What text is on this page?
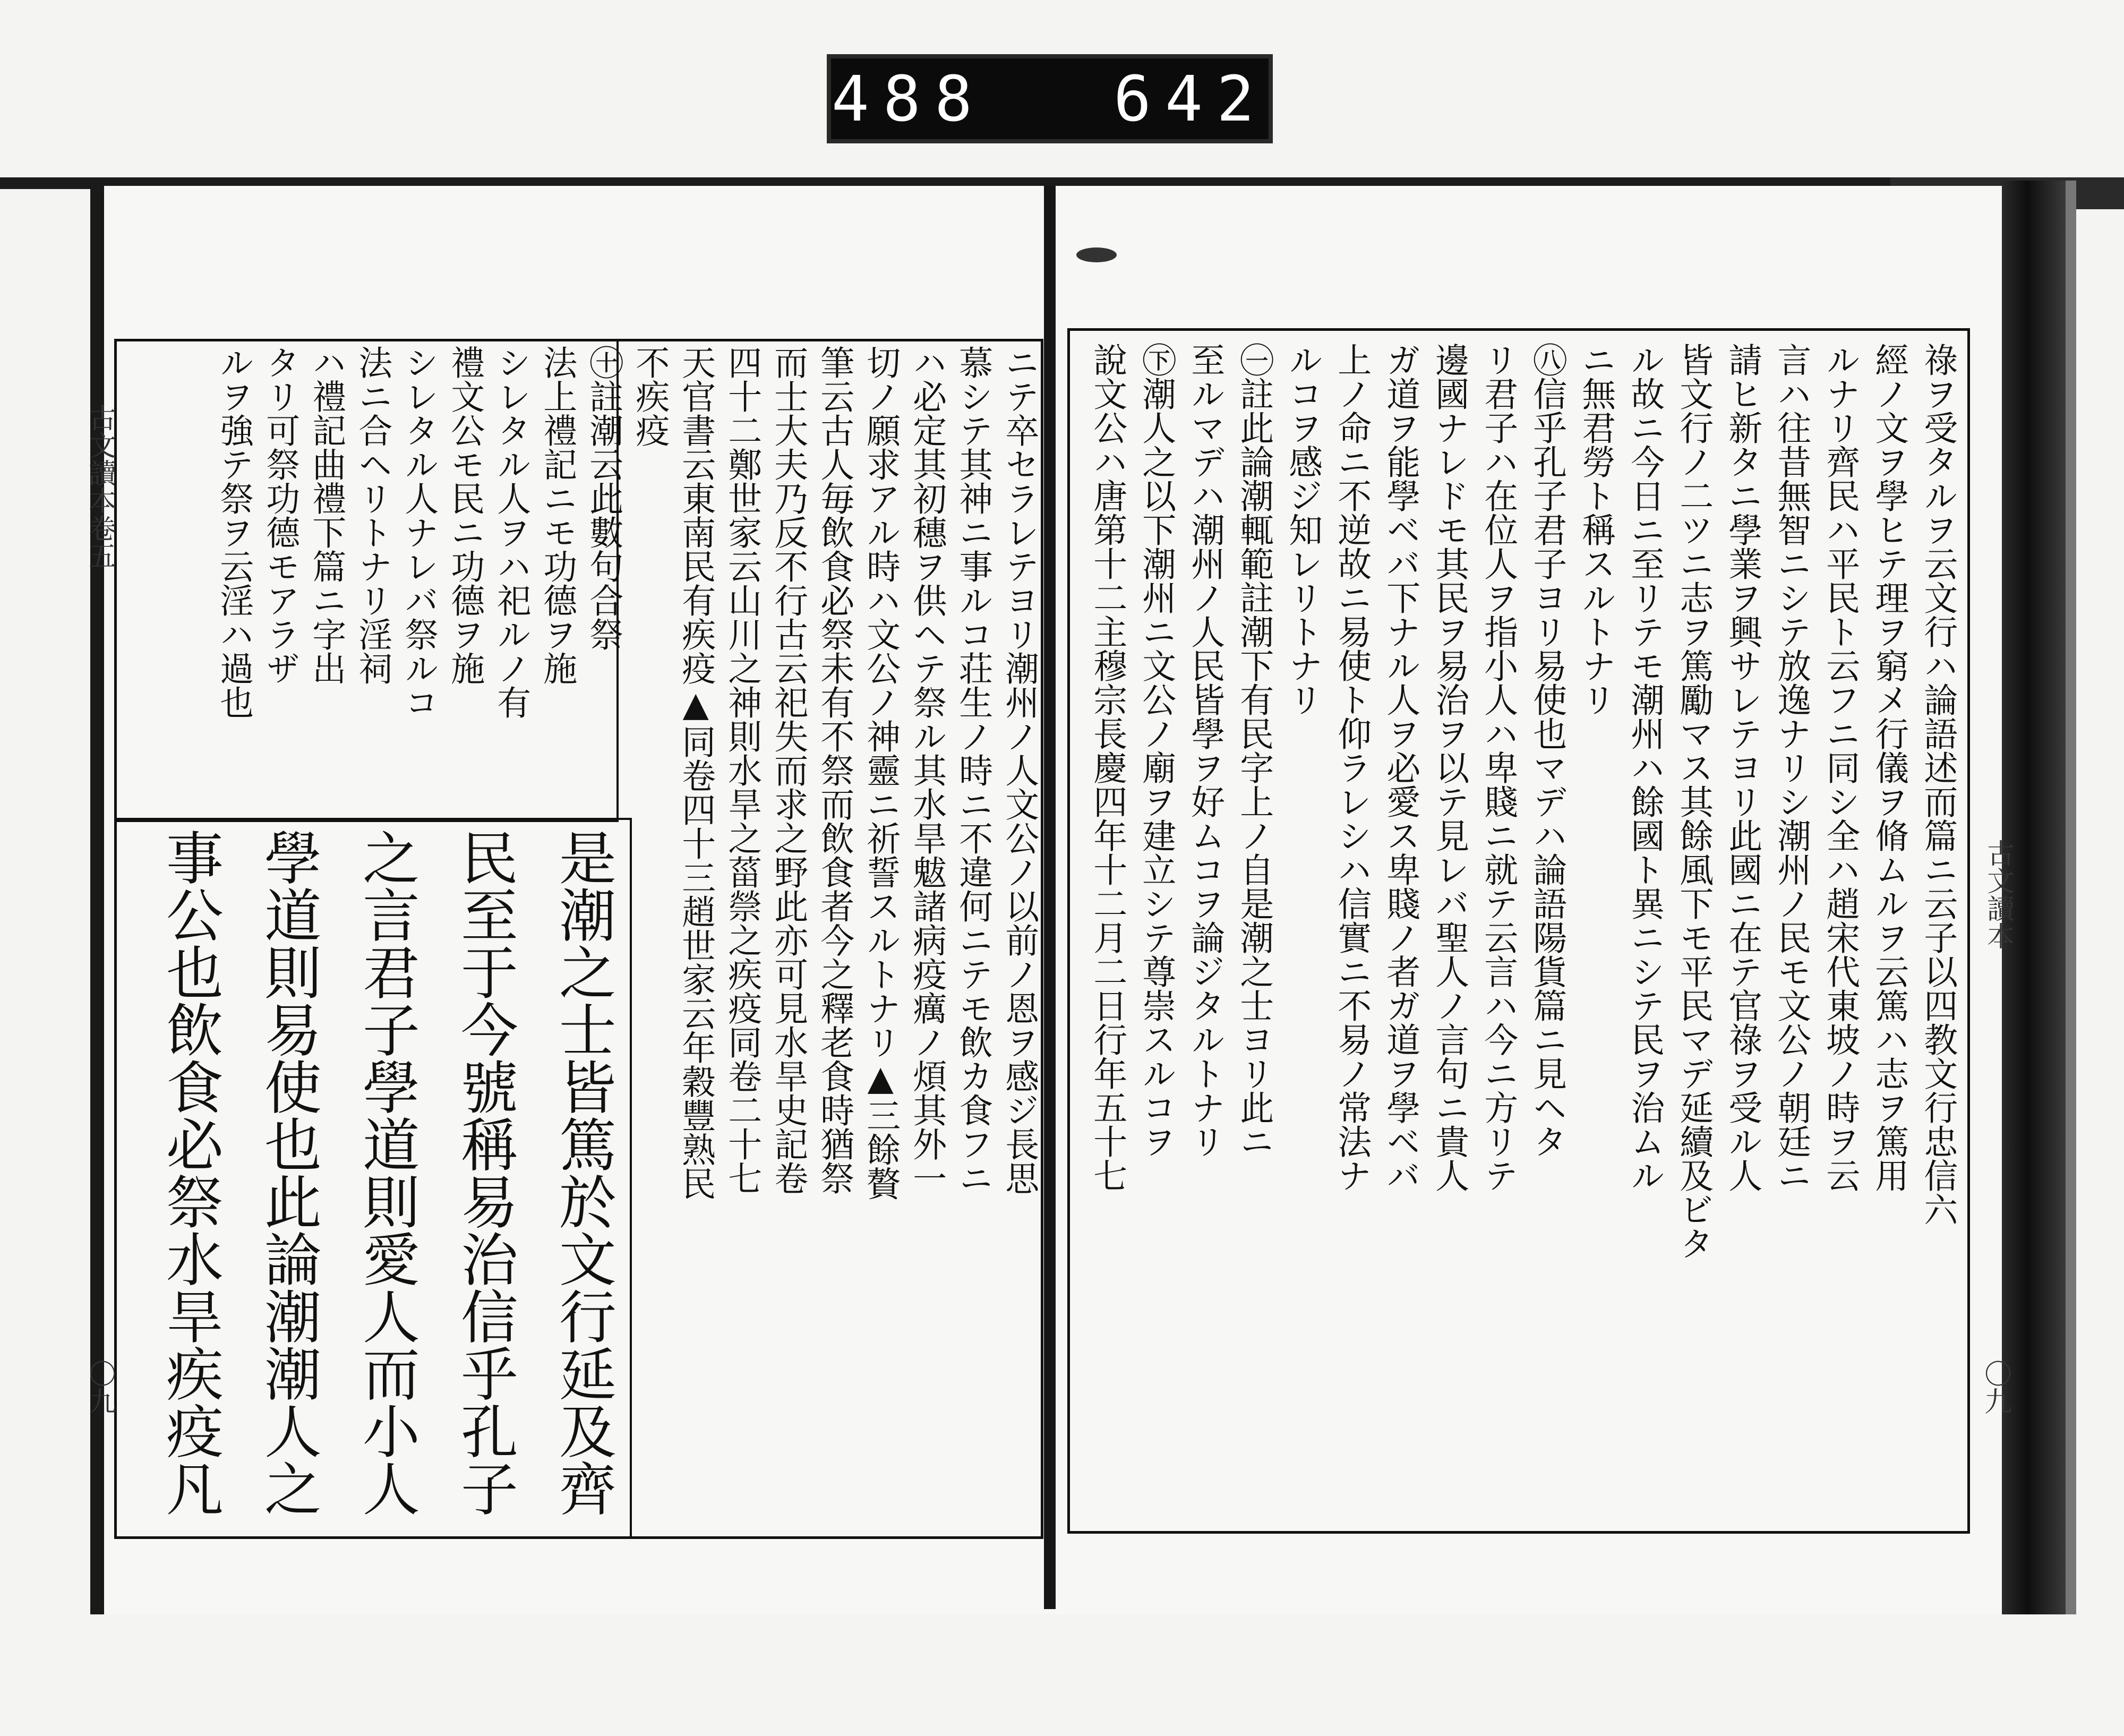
488 642
古文讀本
〇九
祿ヲ受タルヲ云文行ハ論語述而篇ニ云子以四教文行忠信六
經ノ文ヲ學ヒテ理ヲ窮メ行儀ヲ脩ムルヲ云篤ハ志ヲ篤用
ルナリ齊民ハ平民ト云フニ同シ全ハ趙宋代東坡ノ時ヲ云
言ハ往昔無智ニシテ放逸ナリシ潮州ノ民モ文公ノ朝廷ニ
請ヒ新タニ學業ヲ興サレテヨリ此國ニ在テ官祿ヲ受ル人
皆文行ノ二ツニ志ヲ篤勵マス其餘風下モ平民マデ延續及ビタ
ル故ニ今日ニ至リテモ潮州ハ餘國ト異ニシテ民ヲ治ムル
ニ無君勞ト稱スルトナリ
㊇信乎孔子君子ヨリ易使也マデハ論語陽貨篇ニ見ヘタ
リ君子ハ在位人ヲ指小人ハ卑賤ニ就テ云言ハ今ニ方リテ
邊國ナレドモ其民ヲ易治ヲ以テ見レバ聖人ノ言句ニ貴人
ガ道ヲ能學ベバ下ナル人ヲ必愛ス卑賤ノ者ガ道ヲ學ベバ
上ノ命ニ不逆故ニ易使ト仰ラレシハ信實ニ不易ノ常法ナ
ルコヲ感ジ知レリトナリ
㊀註此論潮輒範註潮下有民字上ノ自是潮之士ヨリ此ニ
至ルマデハ潮州ノ人民皆學ヲ好ムコヲ論ジタルトナリ
㊦潮人之以下潮州ニ文公ノ廟ヲ建立シテ尊崇スルコヲ
說文公ハ唐第十二主穆宗長慶四年十二月二日行年五十七
古文讀本卷五
〇九
ニテ卒セラレテヨリ潮州ノ人文公ノ以前ノ恩ヲ感ジ長思
慕シテ其神ニ事ルコ荘生ノ時ニ不違何ニテモ飲カ食フニ
ハ必定其初穗ヲ供ヘテ祭ル其水旱魃諸病疫癘ノ煩其外一
切ノ願求アル時ハ文公ノ神靈ニ祈誓スルトナリ▲三餘贅
筆云古人毎飲食必祭未有不祭而飲食者今之釋老食時猶祭
而士大夫乃反不行古云祀失而求之野此亦可見水旱史記卷
四十二鄭世家云山川之神則水旱之菑禜之疾疫同卷二十七
天官書云東南民有疾疫▲同卷四十三趙世家云年穀豐熟民
不疾疫
㊉註潮云此數句合祭
法上禮記ニモ功德ヲ施
シレタル人ヲハ祀ルノ有
禮文公モ民ニ功德ヲ施
シレタル人ナレバ祭ルコ
法ニ合ヘリトナリ淫祠
ハ禮記曲禮下篇ニ字出
タリ可祭功德モアラザ
ルヲ強テ祭ヲ云淫ハ過也
是潮之士皆篤於文行延及齊
民至于今號稱易治信乎孔子
之言君子學道則愛人而小人
學道則易使也此論潮潮人之
事公也飲食必祭水旱疾疫凡
